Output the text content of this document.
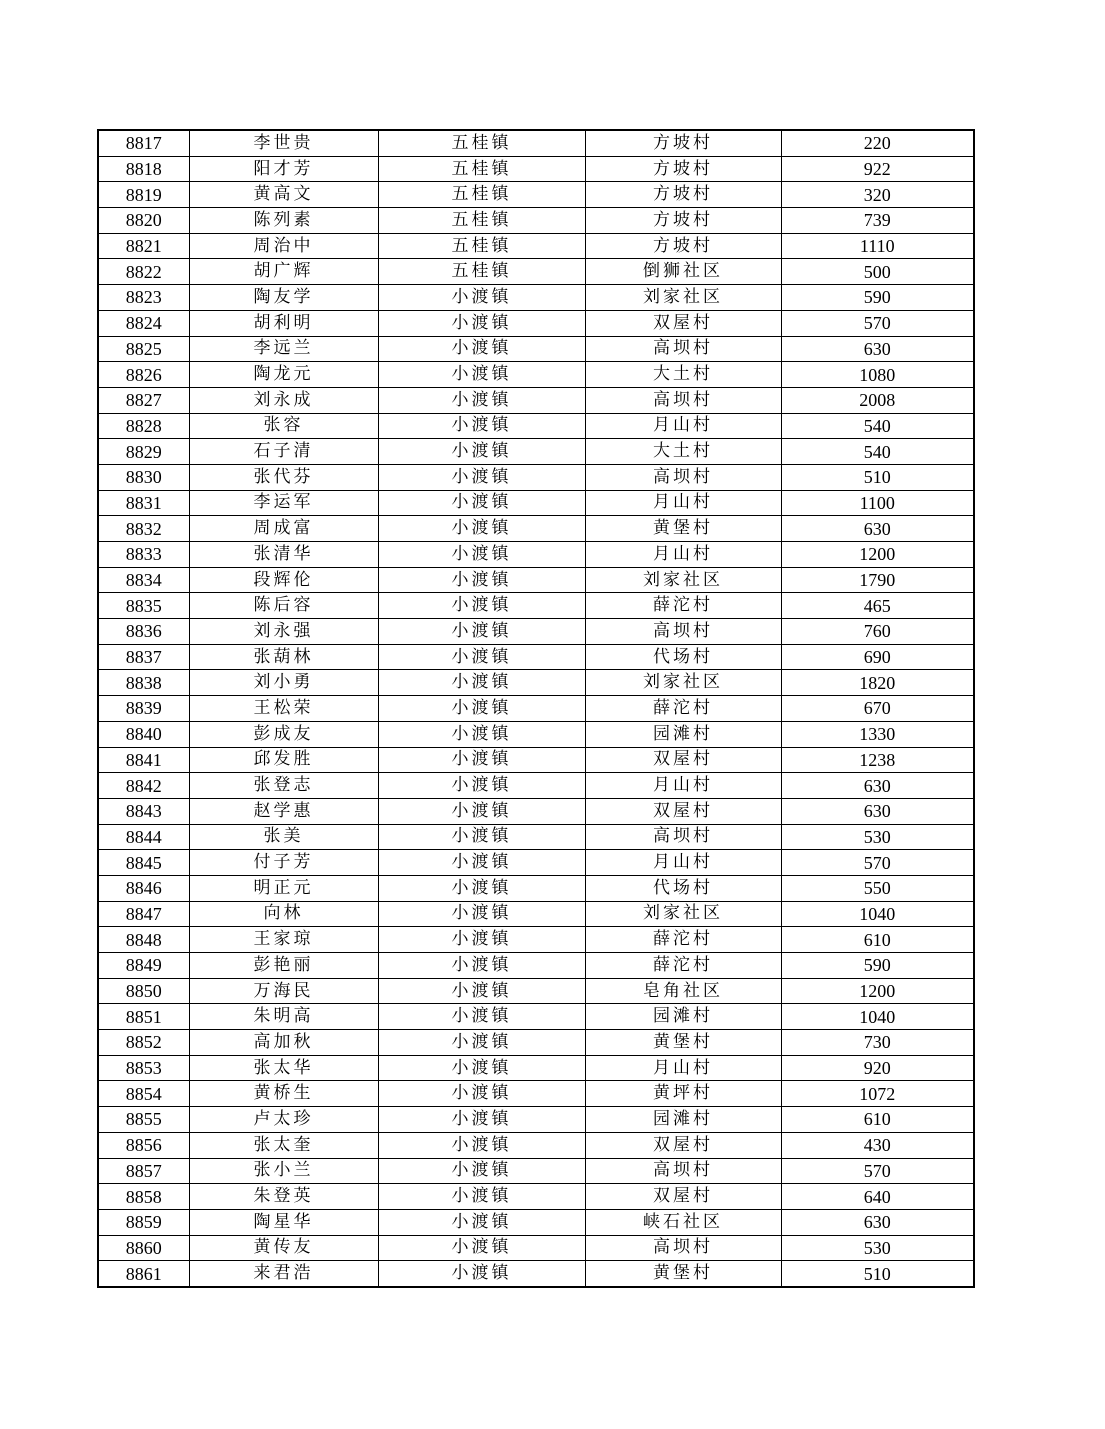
8817	李世贵	五桂镇	方坡村	220
8818	阳才芳	五桂镇	方坡村	922
8819	黄高文	五桂镇	方坡村	320
8820	陈列素	五桂镇	方坡村	739
8821	周治中	五桂镇	方坡村	1110
8822	胡广辉	五桂镇	倒狮社区	500
8823	陶友学	小渡镇	刘家社区	590
8824	胡利明	小渡镇	双屋村	570
8825	李远兰	小渡镇	高坝村	630
8826	陶龙元	小渡镇	大土村	1080
8827	刘永成	小渡镇	高坝村	2008
8828	张容	小渡镇	月山村	540
8829	石子清	小渡镇	大土村	540
8830	张代芬	小渡镇	高坝村	510
8831	李运军	小渡镇	月山村	1100
8832	周成富	小渡镇	黄堡村	630
8833	张清华	小渡镇	月山村	1200
8834	段辉伦	小渡镇	刘家社区	1790
8835	陈后容	小渡镇	薛沱村	465
8836	刘永强	小渡镇	高坝村	760
8837	张葫林	小渡镇	代场村	690
8838	刘小勇	小渡镇	刘家社区	1820
8839	王松荣	小渡镇	薛沱村	670
8840	彭成友	小渡镇	园滩村	1330
8841	邱发胜	小渡镇	双屋村	1238
8842	张登志	小渡镇	月山村	630
8843	赵学惠	小渡镇	双屋村	630
8844	张美	小渡镇	高坝村	530
8845	付子芳	小渡镇	月山村	570
8846	明正元	小渡镇	代场村	550
8847	向林	小渡镇	刘家社区	1040
8848	王家琼	小渡镇	薛沱村	610
8849	彭艳丽	小渡镇	薛沱村	590
8850	万海民	小渡镇	皂角社区	1200
8851	朱明高	小渡镇	园滩村	1040
8852	高加秋	小渡镇	黄堡村	730
8853	张太华	小渡镇	月山村	920
8854	黄桥生	小渡镇	黄坪村	1072
8855	卢太珍	小渡镇	园滩村	610
8856	张太奎	小渡镇	双屋村	430
8857	张小兰	小渡镇	高坝村	570
8858	朱登英	小渡镇	双屋村	640
8859	陶星华	小渡镇	峡石社区	630
8860	黄传友	小渡镇	高坝村	530
8861	来君浩	小渡镇	黄堡村	510
